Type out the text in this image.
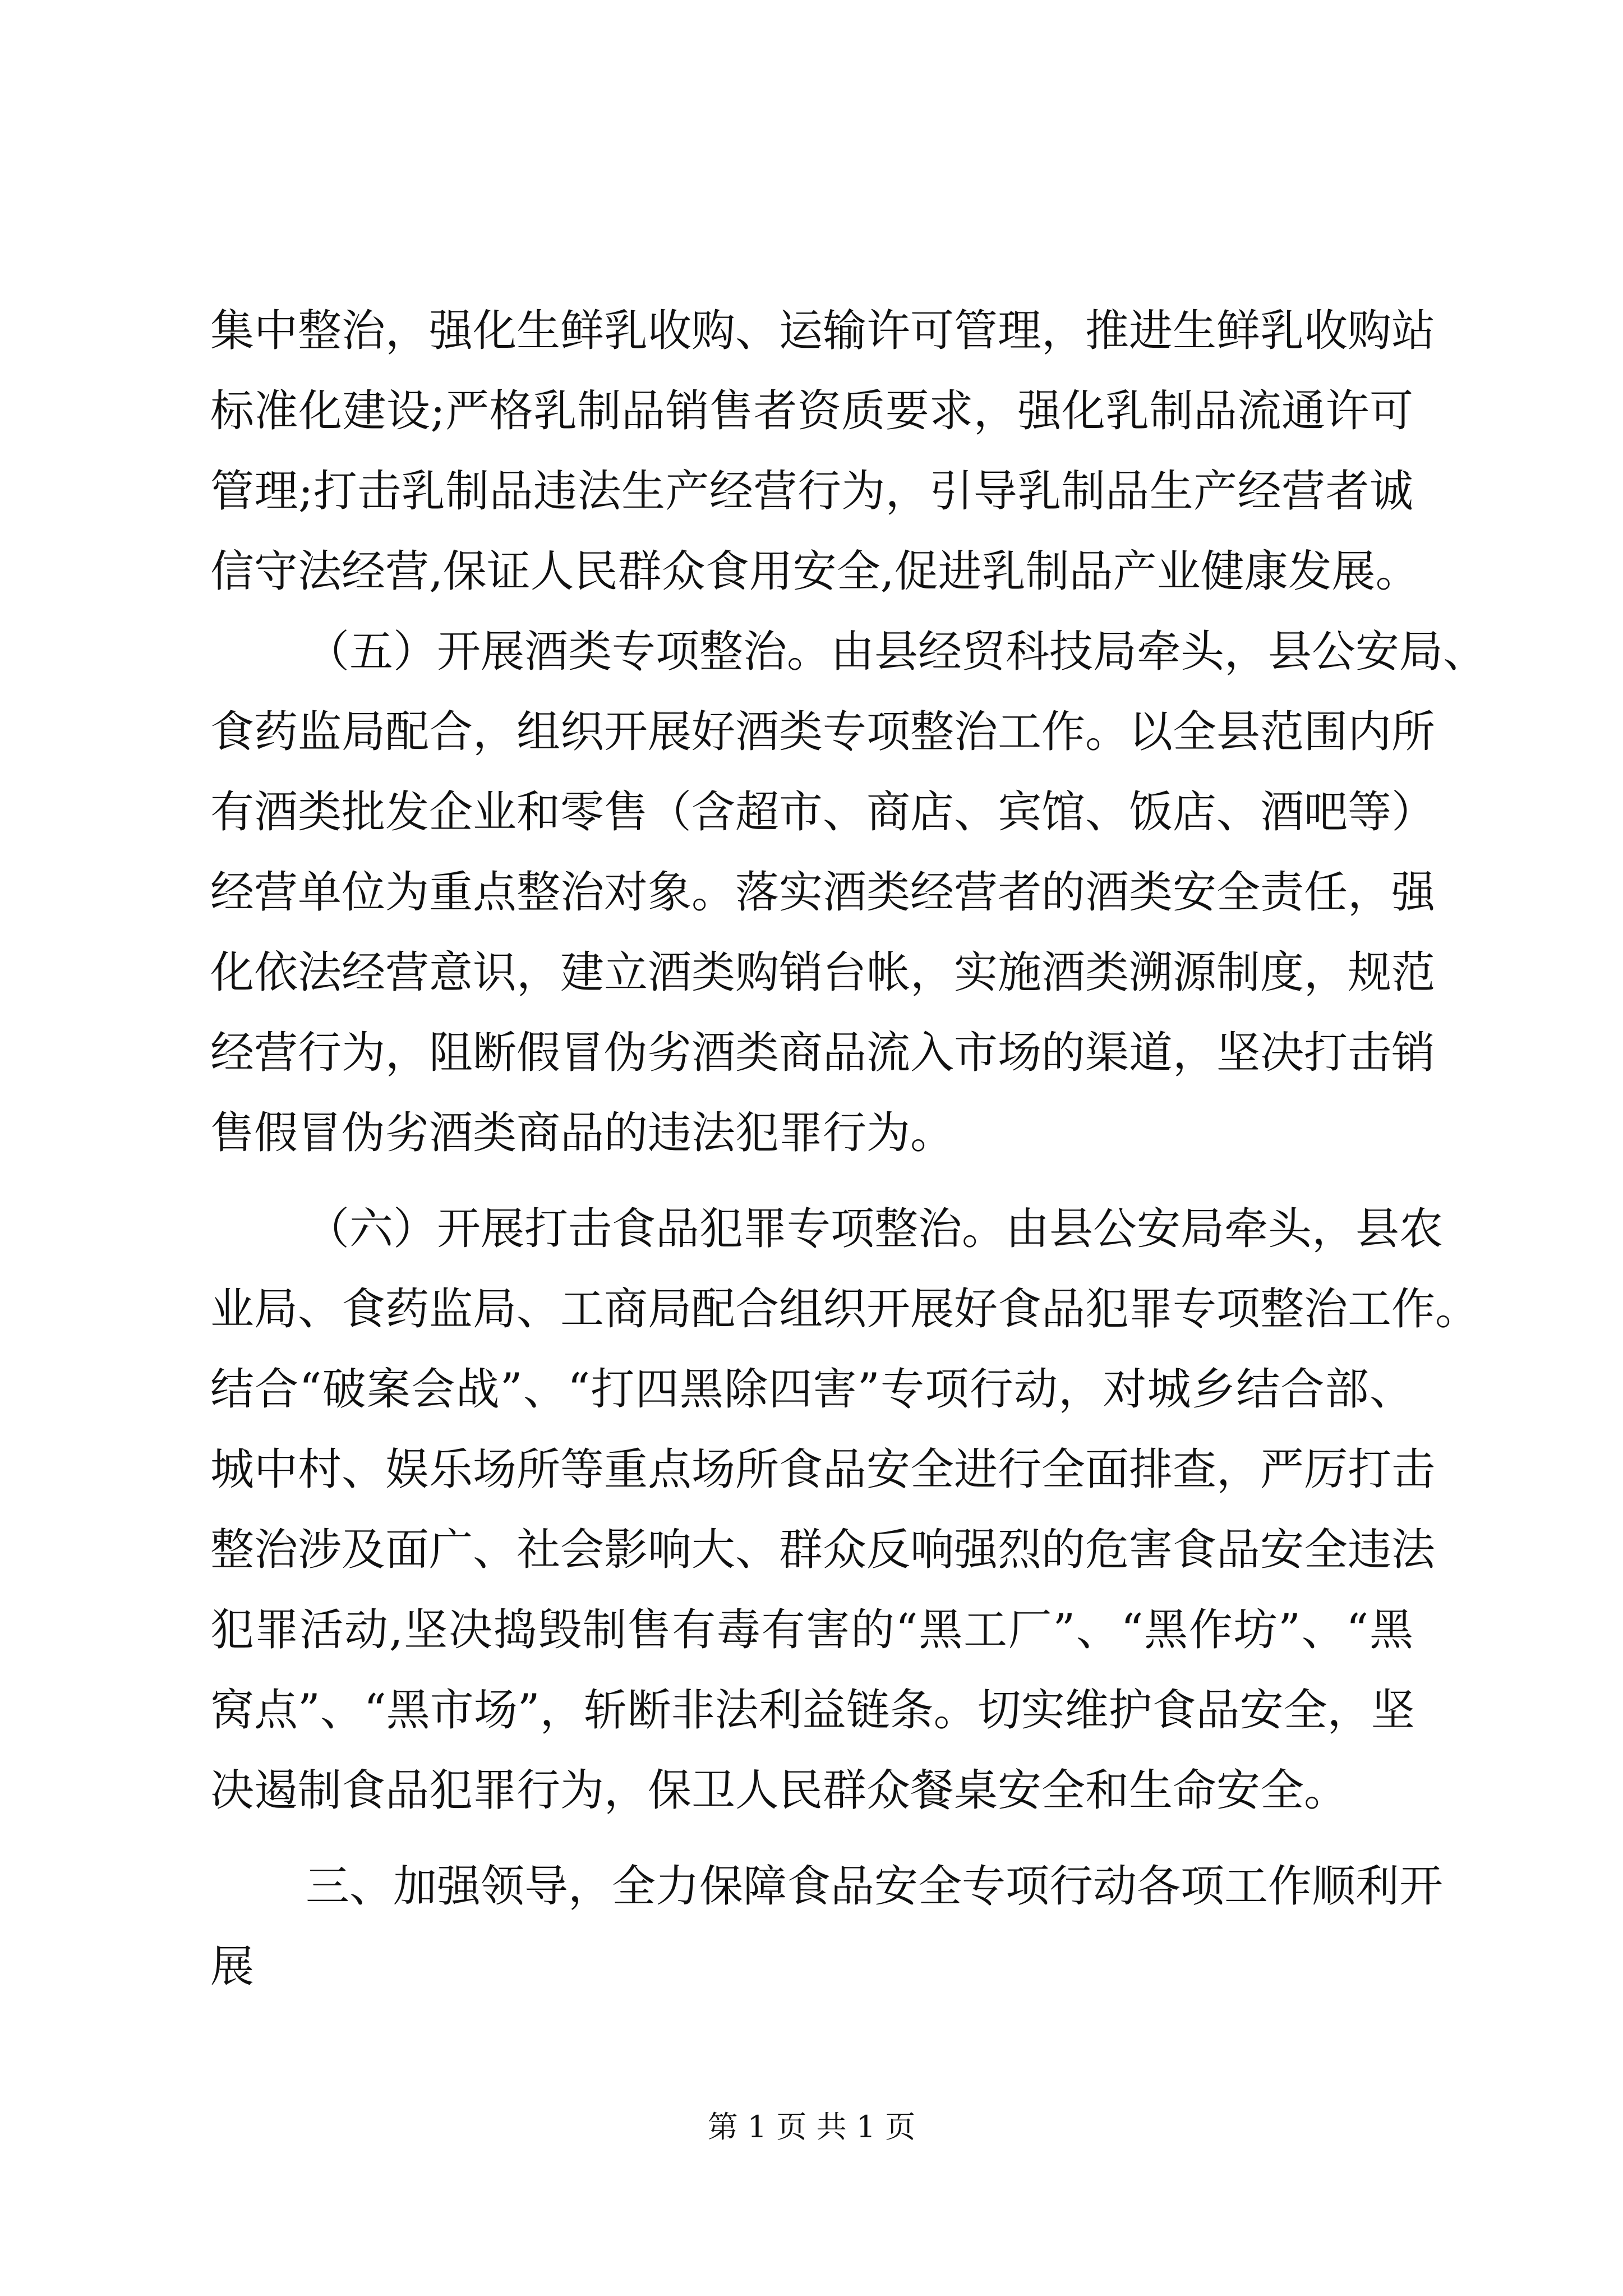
集中整治，强化生鲜乳收购、运输许可管理，推进生鲜乳收购站
标准化建设;严格乳制品销售者资质要求，强化乳制品流通许可
管理;打击乳制品违法生产经营行为，引导乳制品生产经营者诚
信守法经营,保证人民群众食用安全,促进乳制品产业健康发展。
（五）开展酒类专项整治。由县经贸科技局牵头，县公安局、
食药监局配合，组织开展好酒类专项整治工作。以全县范围内所
有酒类批发企业和零售（含超市、商店、宾馆、饭店、酒吧等）
经营单位为重点整治对象。落实酒类经营者的酒类安全责任，强
化依法经营意识，建立酒类购销台帐，实施酒类溯源制度，规范
经营行为，阻断假冒伪劣酒类商品流入市场的渠道，坚决打击销
售假冒伪劣酒类商品的违法犯罪行为。
（六）开展打击食品犯罪专项整治。由县公安局牵头，县农
业局、食药监局、工商局配合组织开展好食品犯罪专项整治工作。
结合“破案会战”、“打四黑除四害”专项行动，对城乡结合部、
城中村、娱乐场所等重点场所食品安全进行全面排查，严厉打击
整治涉及面广、社会影响大、群众反响强烈的危害食品安全违法
犯罪活动,坚决捣毁制售有毒有害的“黑工厂”、“黑作坊”、“黑
窝点”、“黑市场”，斩断非法利益链条。切实维护食品安全，坚
决遏制食品犯罪行为，保卫人民群众餐桌安全和生命安全。
三、加强领导，全力保障食品安全专项行动各项工作顺利开
展
第 1 页 共 1 页
